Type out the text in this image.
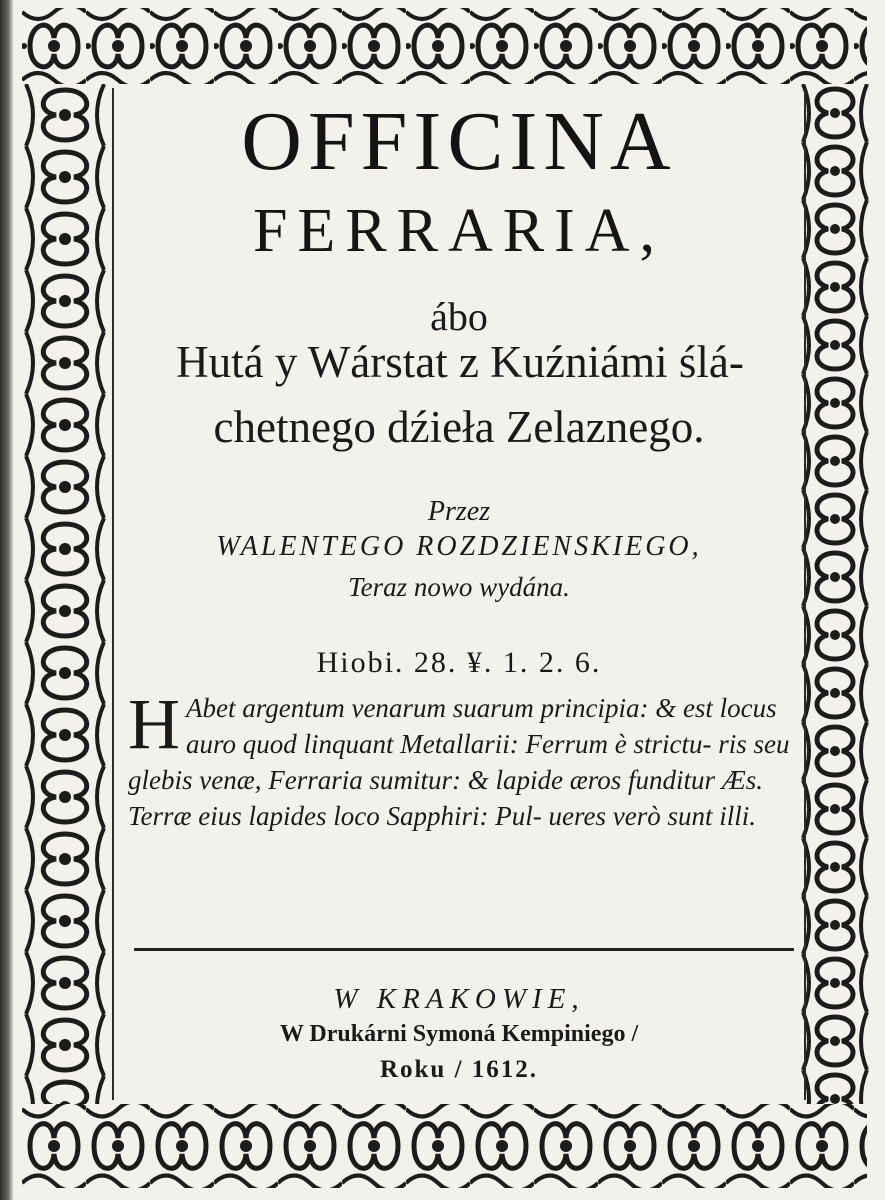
OFFICINA
FERRARIA,
ábo
Hutá y Wárstat z Kuźniámi ślá-
chetnego dźieła Zelaznego.
Przez
WALENTEGO ROZDZIENSKIEGO,
Teraz nowo wydána.
Hiobi. 28. ¥. 1. 2. 6.
H Abet argentum venarum suarum principia: & est locus auro quod linquant Metallarii: Ferrum è strictu- ris seu glebis venæ, Ferraria sumitur: & lapide æros funditur Æs. Terræ eius lapides loco Sapphiri: Pul- ueres verò sunt illi.
W KRAKOWIE,
W Drukárni Symoná Kempiniego /
Roku / 1612.
